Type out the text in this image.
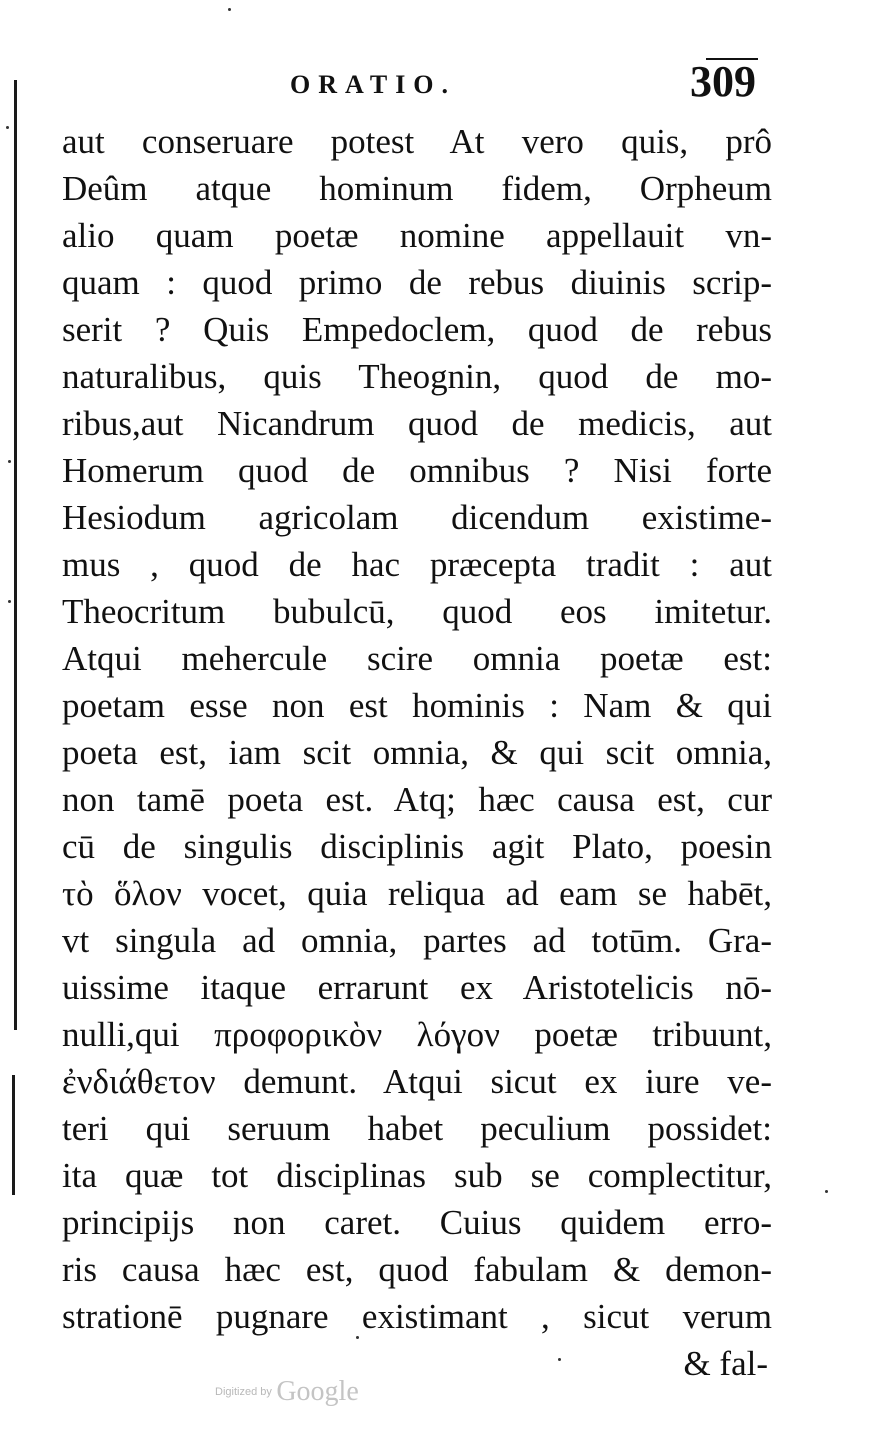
ORATIO.	309
aut conseruare potest At vero quis, prô
Deûm atque hominum fidem, Orpheum
alio quam poetæ nomine appellauit vn-
quam : quod primo de rebus diuinis scrip-
serit ? Quis Empedoclem, quod de rebus
naturalibus, quis Theognin, quod de mo-
ribus,aut Nicandrum quod de medicis, aut
Homerum quod de omnibus ? Nisi forte
Hesiodum agricolam dicendum existime-
mus , quod de hac præcepta tradit : aut
Theocritum bubulcū, quod eos imitetur.
Atqui mehercule scire omnia poetæ est:
poetam esse non est hominis : Nam & qui
poeta est, iam scit omnia, & qui scit omnia,
non tamē poeta est. Atq; hæc causa est, cur
cū de singulis disciplinis agit Plato, poesin
τὸ ὅλον vocet, quia reliqua ad eam se habēt,
vt singula ad omnia, partes ad totūm. Gra-
uissime itaque errarunt ex Aristotelicis nō-
nulli,qui προφορικὸν λόγον poetæ tribuunt,
ἐνδιάθετον demunt. Atqui sicut ex iure ve-
teri qui seruum habet peculium possidet:
ita quæ tot disciplinas sub se complectitur,
principijs non caret. Cuius quidem erro-
ris causa hæc est, quod fabulam & demon-
strationē pugnare existimant , sicut verum
& fal-
Digitized by Google
